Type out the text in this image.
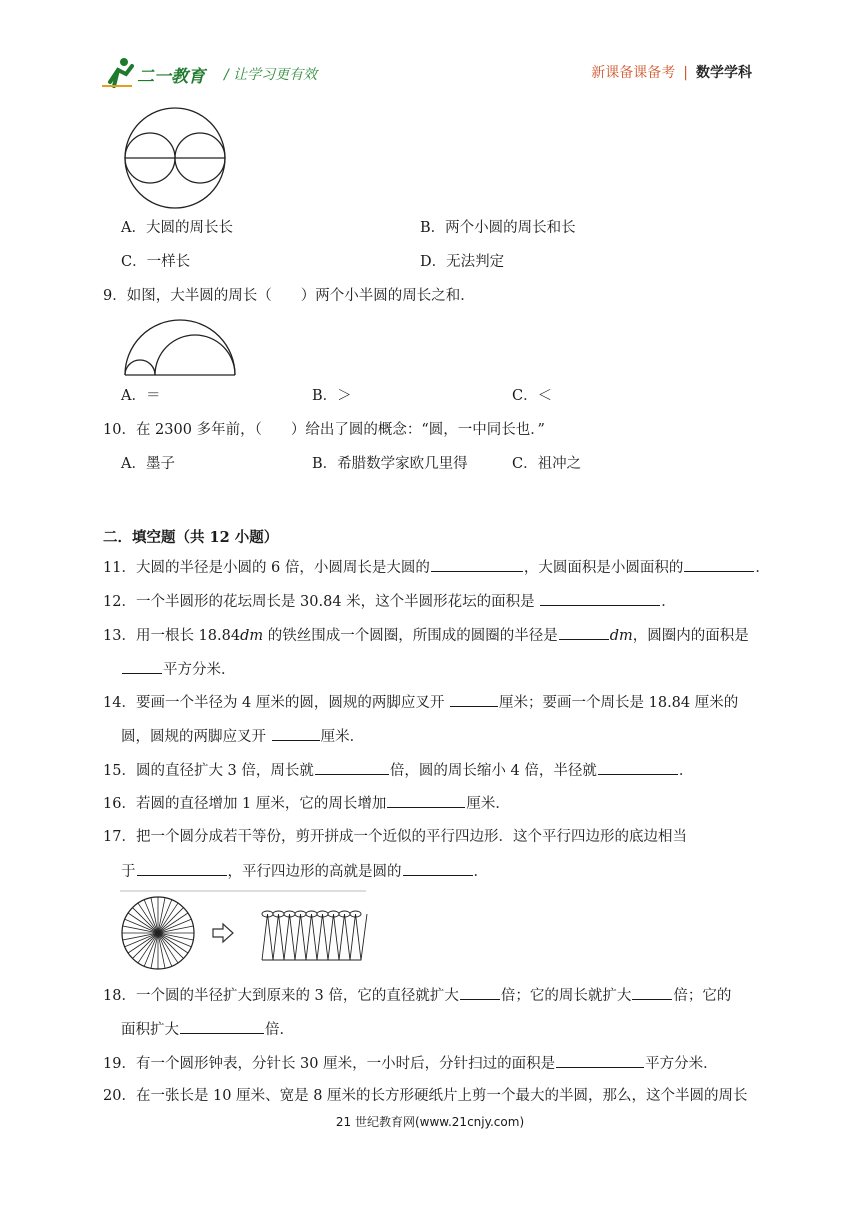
二一教育 / 让学习更有效	新课备课备考 | 数学学科
A．大圆的周长长	B．两个小圆的周长和长
C．一样长	D．无法判定
9．如图，大半圆的周长（　　）两个小半圆的周长之和．
A．＝	B．＞	C．＜
10．在 2300 多年前，（　　）给出了圆的概念：“圆，一中同长也．”
A．墨子	B．希腊数学家欧几里得	C．祖冲之
二．填空题（共 12 小题）
11．大圆的半径是小圆的 6 倍，小圆周长是大圆的	，大圆面积是小圆面积的	．
12．一个半圆形的花坛周长是 30.84 米，这个半圆形花坛的面积是	．
13．用一根长 18.84dm 的铁丝围成一个圆圈，所围成的圆圈的半径是	dm，圆圈内的面积是
平方分米．
14．要画一个半径为 4 厘米的圆，圆规的两脚应叉开	厘米；要画一个周长是 18.84 厘米的
圆，圆规的两脚应叉开	厘米．
15．圆的直径扩大 3 倍，周长就	倍，圆的周长缩小 4 倍，半径就	．
16．若圆的直径增加 1 厘米，它的周长增加	厘米．
17．把一个圆分成若干等份，剪开拼成一个近似的平行四边形．这个平行四边形的底边相当
于	，平行四边形的高就是圆的	．
18．一个圆的半径扩大到原来的 3 倍，它的直径就扩大	倍；它的周长就扩大	倍；它的
面积扩大	倍．
19．有一个圆形钟表，分针长 30 厘米，一小时后，分针扫过的面积是	平方分米．
20．在一张长是 10 厘米、宽是 8 厘米的长方形硬纸片上剪一个最大的半圆，那么，这个半圆的周长
21 世纪教育网(www.21cnjy.com)
